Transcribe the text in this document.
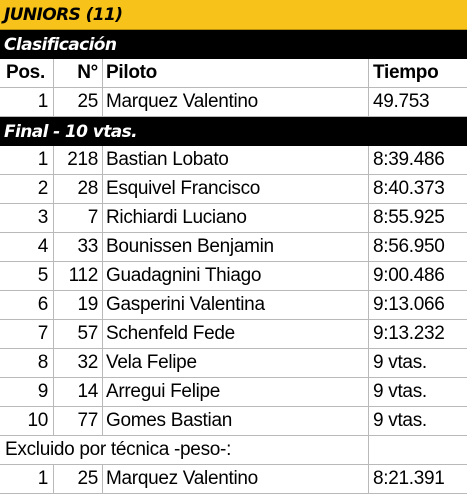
JUNIORS (11)
Clasificación
Pos.	N° Piloto	Tiempo
1	25 Marquez Valentino	49.753
Final - 10 vtas.
1	218 Bastian Lobato	8:39.486
2	28 Esquivel Francisco	8:40.373
3	7 Richiardi Luciano	8:55.925
4	33 Bounissen Benjamin	8:56.950
5	112 Guadagnini Thiago	9:00.486
6	19 Gasperini Valentina	9:13.066
7	57 Schenfeld Fede	9:13.232
8	32 Vela Felipe	9 vtas.
9	14 Arregui Felipe	9 vtas.
10	77 Gomes Bastian	9 vtas.
Excluido por técnica -peso-:
1	25 Marquez Valentino	8:21.391
